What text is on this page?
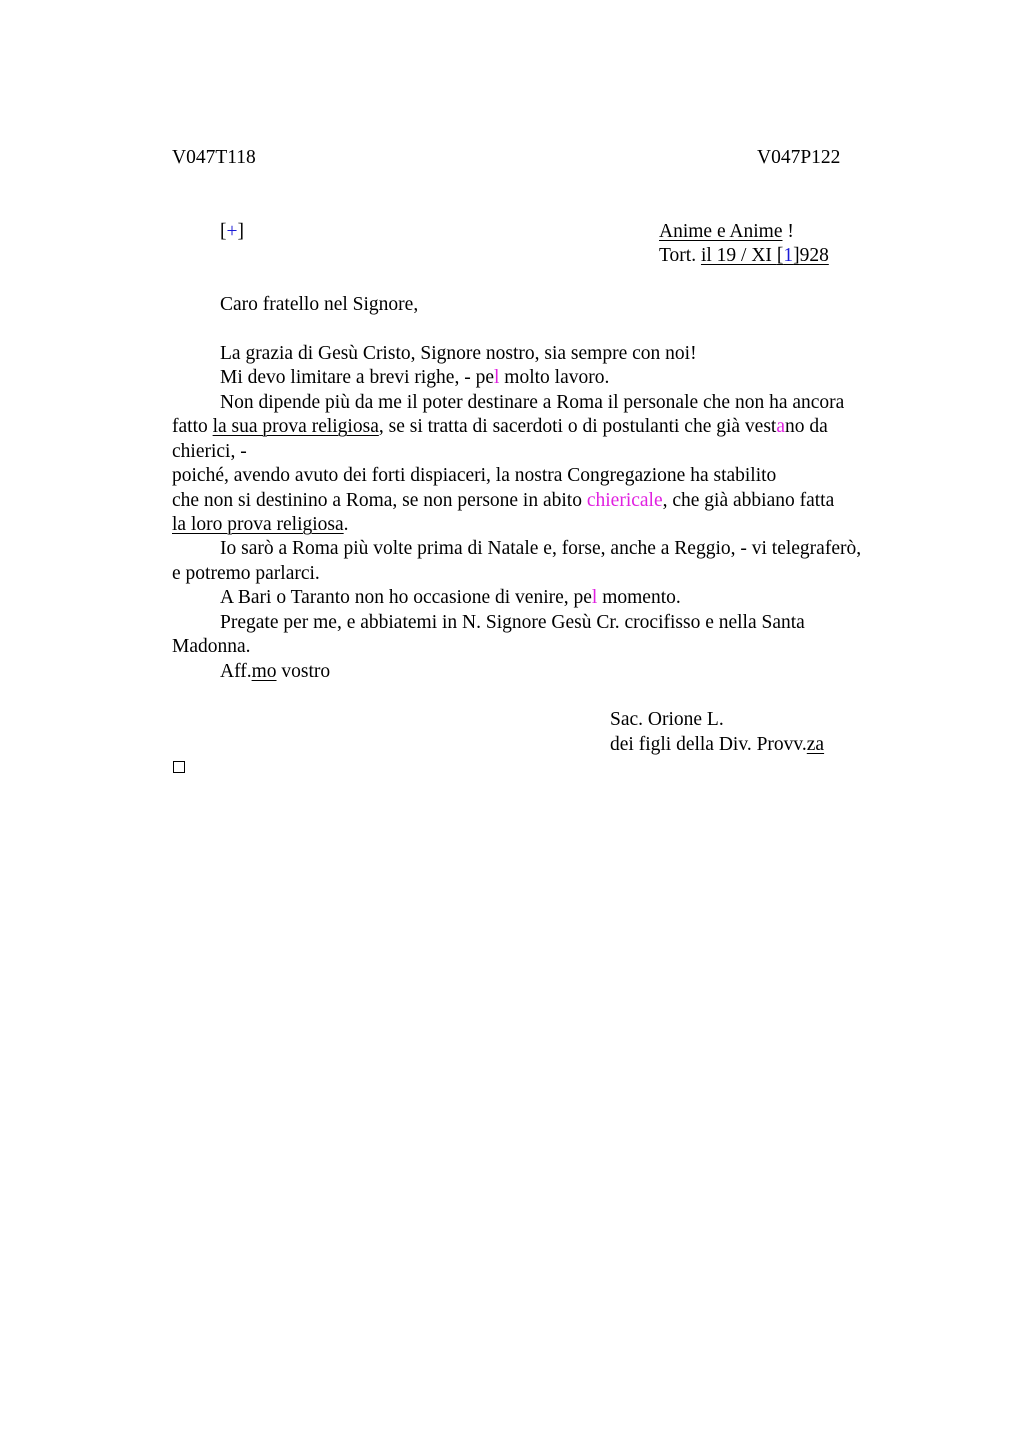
V047T118	V047P122
[+]	Anime e Anime !
Tort. il 19 / XI [1]928
Caro fratello nel Signore,
La grazia di Gesù Cristo, Signore nostro, sia sempre con noi!
Mi devo limitare a brevi righe, - pel molto lavoro.
Non dipende più da me il poter destinare a Roma il personale che non ha ancora
fatto la sua prova religiosa, se si tratta di sacerdoti o di postulanti che già vestano da
chierici, -
poiché, avendo avuto dei forti dispiaceri, la nostra Congregazione ha stabilito
che non si destinino a Roma, se non persone in abito chiericale, che già abbiano fatta
la loro prova religiosa.
Io sarò a Roma più volte prima di Natale e, forse, anche a Reggio, - vi telegraferò,
e potremo parlarci.
A Bari o Taranto non ho occasione di venire, pel momento.
Pregate per me, e abbiatemi in N. Signore Gesù Cr. crocifisso e nella Santa
Madonna.
Aff.mo vostro
Sac. Orione L.
dei figli della Div. Provv.za
